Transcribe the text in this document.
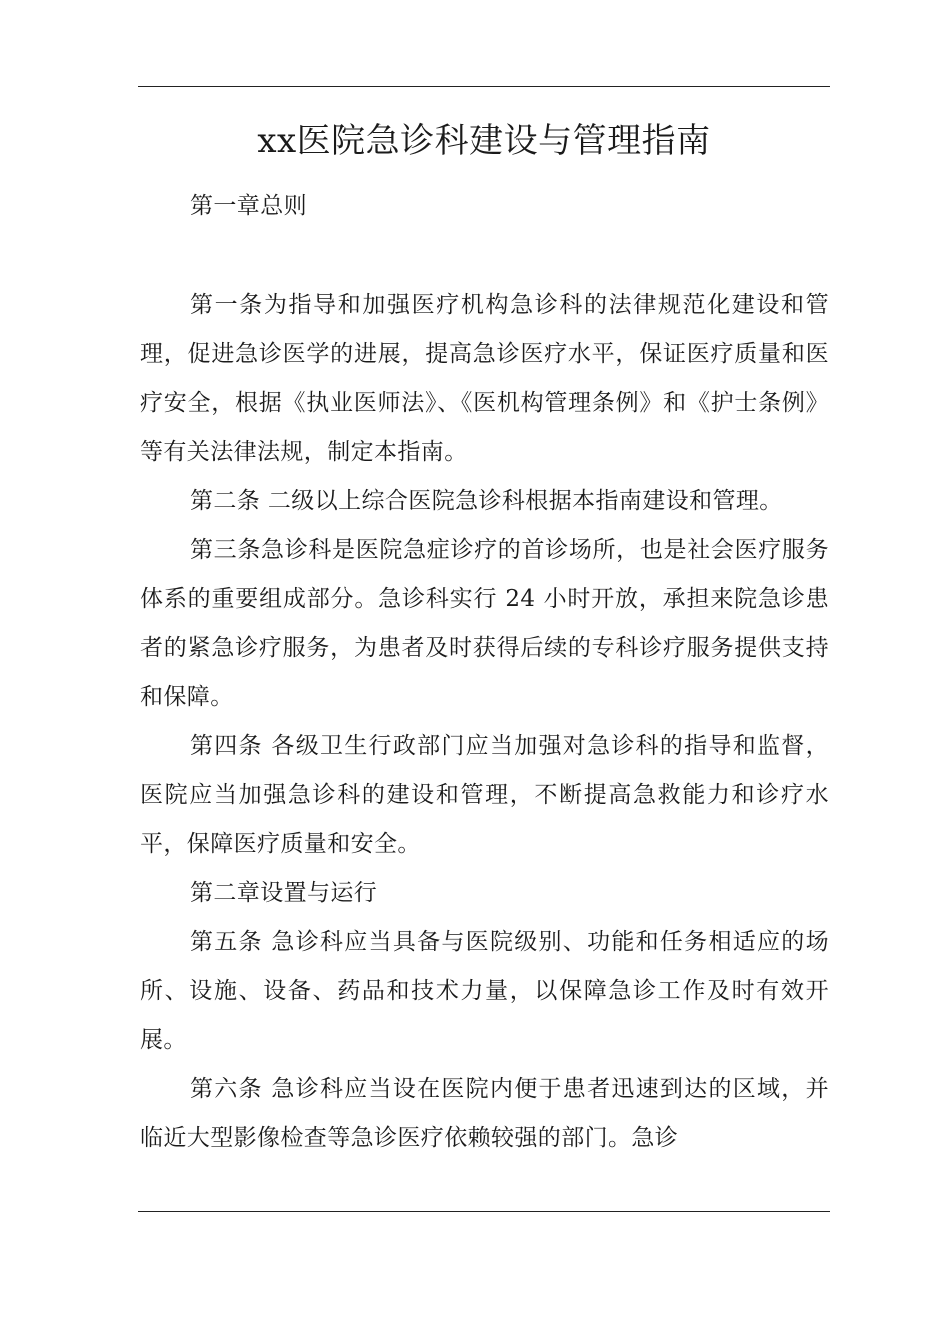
xx医院急诊科建设与管理指南

第一章总则

第一条为指导和加强医疗机构急诊科的法律规范化建设和管理，促进急诊医学的进展，提高急诊医疗水平，保证医疗质量和医疗安全，根据《执业医师法》、《医机构管理条例》和《护士条例》等有关法律法规，制定本指南。

第二条 二级以上综合医院急诊科根据本指南建设和管理。

第三条急诊科是医院急症诊疗的首诊场所，也是社会医疗服务体系的重要组成部分。急诊科实行 24 小时开放，承担来院急诊患者的紧急诊疗服务，为患者及时获得后续的专科诊疗服务提供支持和保障。

第四条 各级卫生行政部门应当加强对急诊科的指导和监督，医院应当加强急诊科的建设和管理，不断提高急救能力和诊疗水平，保障医疗质量和安全。

第二章设置与运行

第五条 急诊科应当具备与医院级别、功能和任务相适应的场所、设施、设备、药品和技术力量，以保障急诊工作及时有效开展。

第六条 急诊科应当设在医院内便于患者迅速到达的区域，并临近大型影像检查等急诊医疗依赖较强的部门。急诊
